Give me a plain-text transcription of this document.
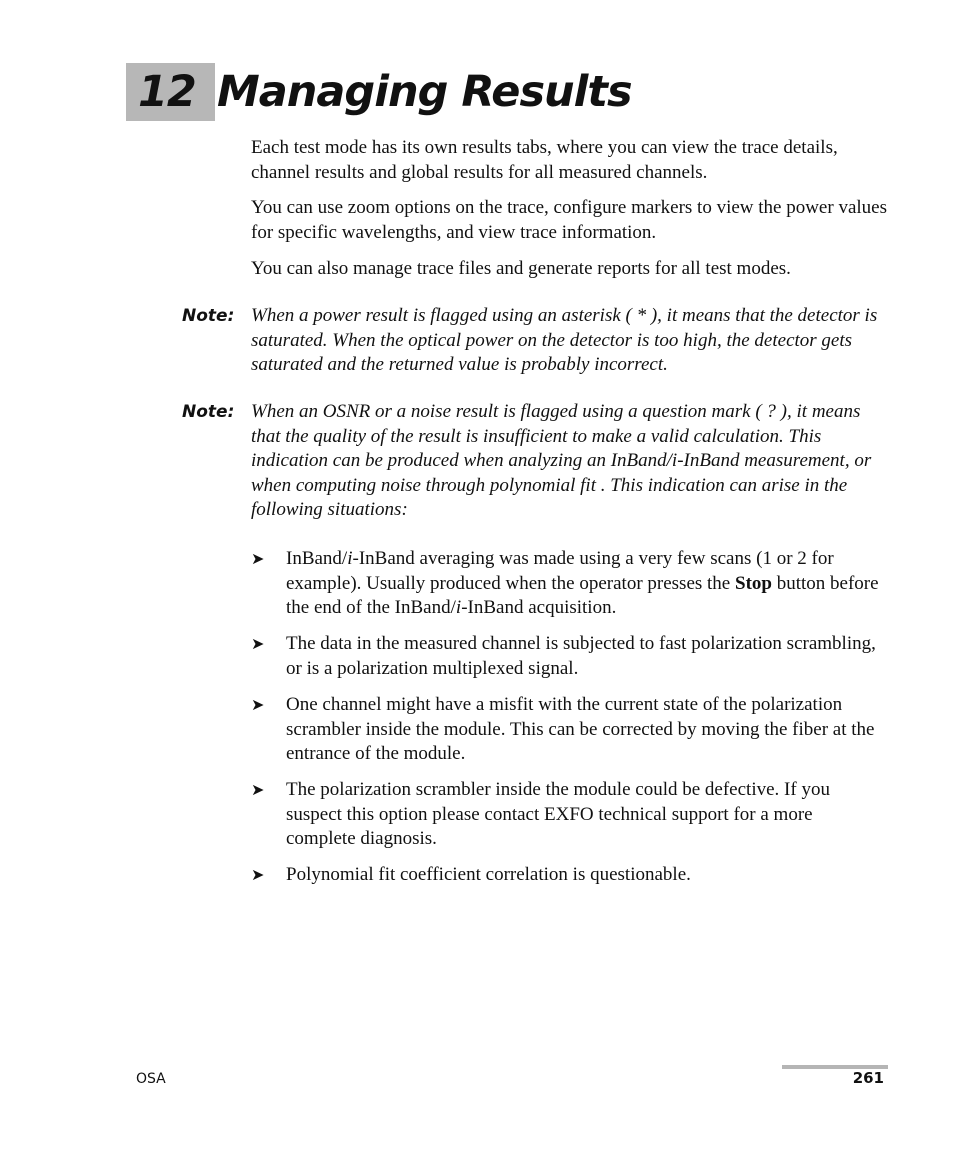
12 Managing Results

Each test mode has its own results tabs, where you can view the trace details, channel results and global results for all measured channels.

You can use zoom options on the trace, configure markers to view the power values for specific wavelengths, and view trace information.

You can also manage trace files and generate reports for all test modes.

Note: When a power result is flagged using an asterisk ( * ), it means that the detector is saturated. When the optical power on the detector is too high, the detector gets saturated and the returned value is probably incorrect.

Note: When an OSNR or a noise result is flagged using a question mark ( ? ), it means that the quality of the result is insufficient to make a valid calculation. This indication can be produced when analyzing an InBand/i-InBand measurement, or when computing noise through polynomial fit . This indication can arise in the following situations:

➤ InBand/i-InBand averaging was made using a very few scans (1 or 2 for example). Usually produced when the operator presses the Stop button before the end of the InBand/i-InBand acquisition.

➤ The data in the measured channel is subjected to fast polarization scrambling, or is a polarization multiplexed signal.

➤ One channel might have a misfit with the current state of the polarization scrambler inside the module. This can be corrected by moving the fiber at the entrance of the module.

➤ The polarization scrambler inside the module could be defective. If you suspect this option please contact EXFO technical support for a more complete diagnosis.

➤ Polynomial fit coefficient correlation is questionable.

OSA	261
